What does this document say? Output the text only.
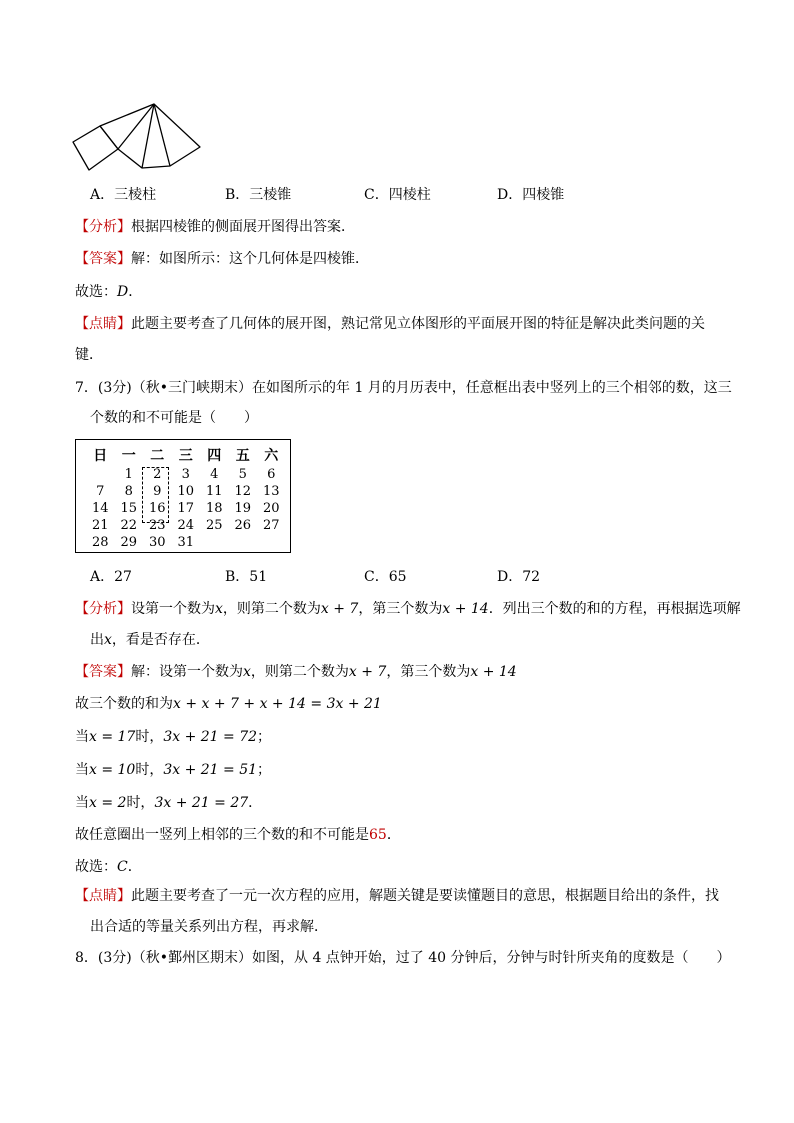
A．三棱柱	B．三棱锥	C．四棱柱	D．四棱锥
【分析】根据四棱锥的侧面展开图得出答案．
【答案】解：如图所示：这个几何体是四棱锥．
故选：D．
【点睛】此题主要考查了几何体的展开图，熟记常见立体图形的平面展开图的特征是解决此类问题的关
键．
7．(3分)（秋•三门峡期末）在如图所示的年 1 月的月历表中，任意框出表中竖列上的三个相邻的数，这三
个数的和不可能是（　　）
日	一	二	三	四	五	六
	1	2	3	4	5	6
7	8	9	10	11	12	13
14	15	16	17	18	19	20
21	22	23	24	25	26	27
28	29	30	31			
A．27	B．51	C．65	D．72
【分析】设第一个数为x，则第二个数为x + 7，第三个数为x + 14．列出三个数的和的方程，再根据选项解
出x，看是否存在．
【答案】解：设第一个数为x，则第二个数为x + 7，第三个数为x + 14
故三个数的和为x + x + 7 + x + 14 = 3x + 21
当x = 17时，3x + 21 = 72；
当x = 10时，3x + 21 = 51；
当x = 2时，3x + 21 = 27．
故任意圈出一竖列上相邻的三个数的和不可能是65．
故选：C．
【点睛】此题主要考查了一元一次方程的应用，解题关键是要读懂题目的意思，根据题目给出的条件，找
出合适的等量关系列出方程，再求解．
8．(3分)（秋•鄞州区期末）如图，从 4 点钟开始，过了 40 分钟后，分钟与时针所夹角的度数是（　　）
